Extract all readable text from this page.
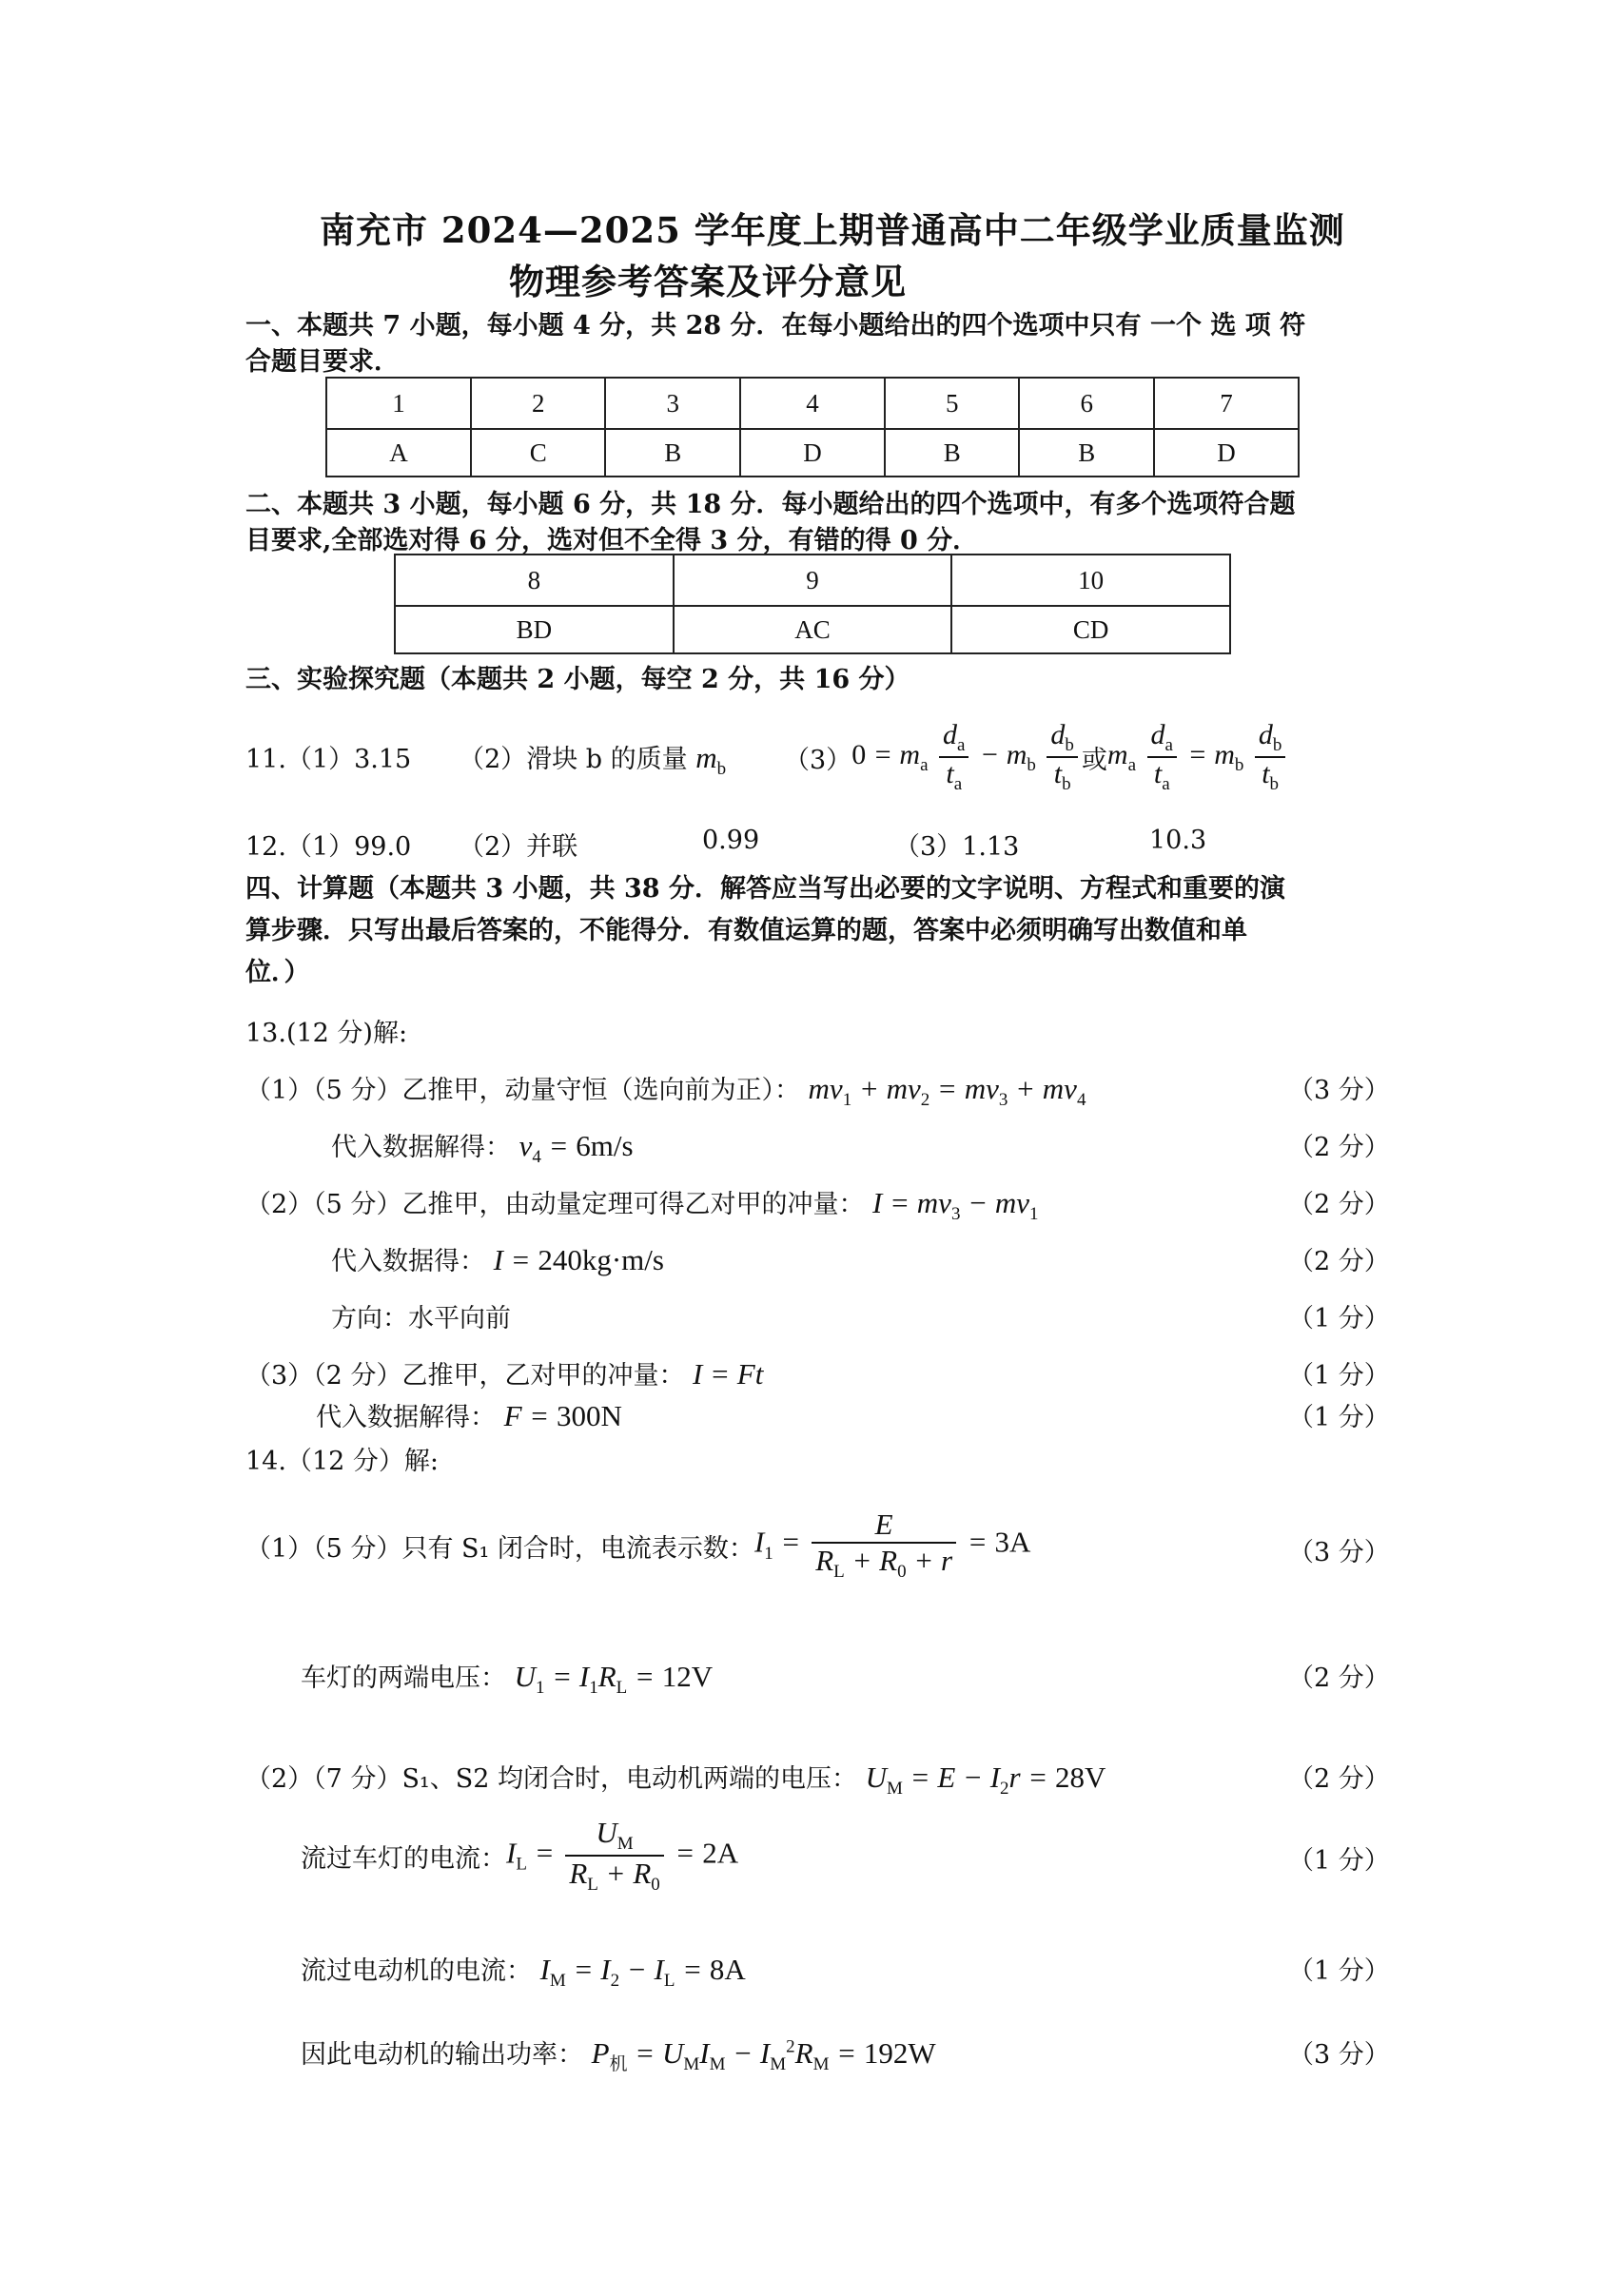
南充市 2024—2025 学年度上期普通高中二年级学业质量监测
物理参考答案及评分意见
一、本题共 7 小题，每小题 4 分，共 28 分．在每小题给出的四个选项中只有 一个 选 项 符
合题目要求．
1	2	3	4	5	6	7
A	C	B	D	B	B	D
二、本题共 3 小题，每小题 6 分，共 18 分．每小题给出的四个选项中，有多个选项符合题
目要求,全部选对得 6 分，选对但不全得 3 分，有错的得 0 分．
8	9	10
BD	AC	CD
三、实验探究题（本题共 2 小题，每空 2 分，共 16 分）
11.（1）3.15 （2）滑块 b 的质量 $m_b$ （3） $0 = m_a \frac{d_a}{t_a} - m_b \frac{d_b}{t_b}$ 或 $m_a \frac{d_a}{t_a} = m_b \frac{d_b}{t_b}$
12.（1）99.0 （2）并联	0.99	（3）1.13	10.3
四、计算题（本题共 3 小题，共 38 分．解答应当写出必要的文字说明、方程式和重要的演
算步骤．只写出最后答案的，不能得分．有数值运算的题，答案中必须明确写出数值和单
位．）
13.(12 分)解:
（1）（5 分）乙推甲，动量守恒（选向前为正）： $mv_1 + mv_2 = mv_3 + mv_4$	（3 分）
代入数据解得： $v_4 = 6m/s$	（2 分）
（2）（5 分）乙推甲，由动量定理可得乙对甲的冲量： $I = mv_3 - mv_1$	（2 分）
代入数据得： I = 240kg·m/s	（2 分）
方向：水平向前	（1 分）
（3）（2 分）乙推甲，乙对甲的冲量： I = Ft	（1 分）
代入数据解得： F = 300N	（1 分）
14.（12 分）解:
（1）（5 分）只有 S₁ 闭合时，电流表示数： $I_1 = \frac{E}{R_L + R_0 + r} = 3A$	（3 分）
车灯的两端电压： $U_1 = I_1R_L = 12V$	（2 分）
（2）（7 分）S₁、S2 均闭合时，电动机两端的电压： $U_M = E - I_2r = 28V$	（2 分）
流过车灯的电流： $I_L = \frac{U_M}{R_L + R_0} = 2A$	（1 分）
流过电动机的电流： $I_M = I_2 - I_L = 8A$	（1 分）
因此电动机的输出功率： $P_机 = U_MI_M - I_M^2R_M = 192W$	（3 分）
